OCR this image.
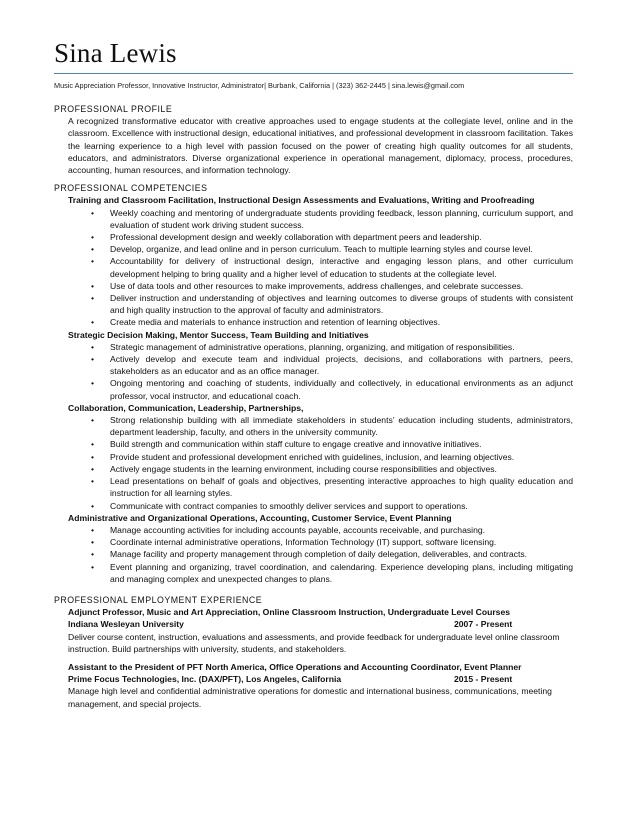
Sina Lewis
Music Appreciation Professor, Innovative Instructor, Administrator| Burbank, California | (323) 362-2445 | sina.lewis@gmail.com

PROFESSIONAL PROFILE

A recognized transformative educator with creative approaches used to engage students at the collegiate level, online and in the classroom. Excellence with instructional design, educational initiatives, and professional development in classroom facilitation. Takes the learning experience to a high level with passion focused on the power of creating high quality outcomes for all students, educators, and administrators. Diverse organizational experience in operational management, diplomacy, process, procedures, accounting, human resources, and information technology.

PROFESSIONAL COMPETENCIES

Training and Classroom Facilitation, Instructional Design Assessments and Evaluations, Writing and Proofreading

• Weekly coaching and mentoring of undergraduate students providing feedback, lesson planning, curriculum support, and evaluation of student work driving student success.
• Professional development design and weekly collaboration with department peers and leadership.
• Develop, organize, and lead online and in person curriculum. Teach to multiple learning styles and course level.
• Accountability for delivery of instructional design, interactive and engaging lesson plans, and other curriculum development helping to bring quality and a higher level of education to students at the collegiate level.
• Use of data tools and other resources to make improvements, address challenges, and celebrate successes.
• Deliver instruction and understanding of objectives and learning outcomes to diverse groups of students with consistent and high quality instruction to the approval of faculty and administrators.
• Create media and materials to enhance instruction and retention of learning objectives.

Strategic Decision Making, Mentor Success, Team Building and Initiatives

• Strategic management of administrative operations, planning, organizing, and mitigation of responsibilities.
• Actively develop and execute team and individual projects, decisions, and collaborations with partners, peers, stakeholders as an educator and as an office manager.
• Ongoing mentoring and coaching of students, individually and collectively, in educational environments as an adjunct professor, vocal instructor, and educational coach.

Collaboration, Communication, Leadership, Partnerships,

• Strong relationship building with all immediate stakeholders in students’ education including students, administrators, department leadership, faculty, and others in the university community.
• Build strength and communication within staff culture to engage creative and innovative initiatives.
• Provide student and professional development enriched with guidelines, inclusion, and learning objectives.
• Actively engage students in the learning environment, including course responsibilities and objectives.
• Lead presentations on behalf of goals and objectives, presenting interactive approaches to high quality education and instruction for all learning styles.
• Communicate with contract companies to smoothly deliver services and support to operations.

Administrative and Organizational Operations, Accounting, Customer Service, Event Planning

• Manage accounting activities for including accounts payable, accounts receivable, and purchasing.
• Coordinate internal administrative operations, Information Technology (IT) support, software licensing.
• Manage facility and property management through completion of daily delegation, deliverables, and contracts.
• Event planning and organizing, travel coordination, and calendaring. Experience developing plans, including mitigating and managing complex and unexpected changes to plans.

PROFESSIONAL EMPLOYMENT EXPERIENCE

Adjunct Professor, Music and Art Appreciation, Online Classroom Instruction, Undergraduate Level Courses
Indiana Wesleyan University	2007 - Present
Deliver course content, instruction, evaluations and assessments, and provide feedback for undergraduate level online classroom instruction. Build partnerships with university, students, and stakeholders.
Assistant to the President of PFT North America, Office Operations and Accounting Coordinator, Event Planner
Prime Focus Technologies, Inc. (DAX/PFT), Los Angeles, California	2015 - Present
Manage high level and confidential administrative operations for domestic and international business, communications, meeting management, and special projects.
